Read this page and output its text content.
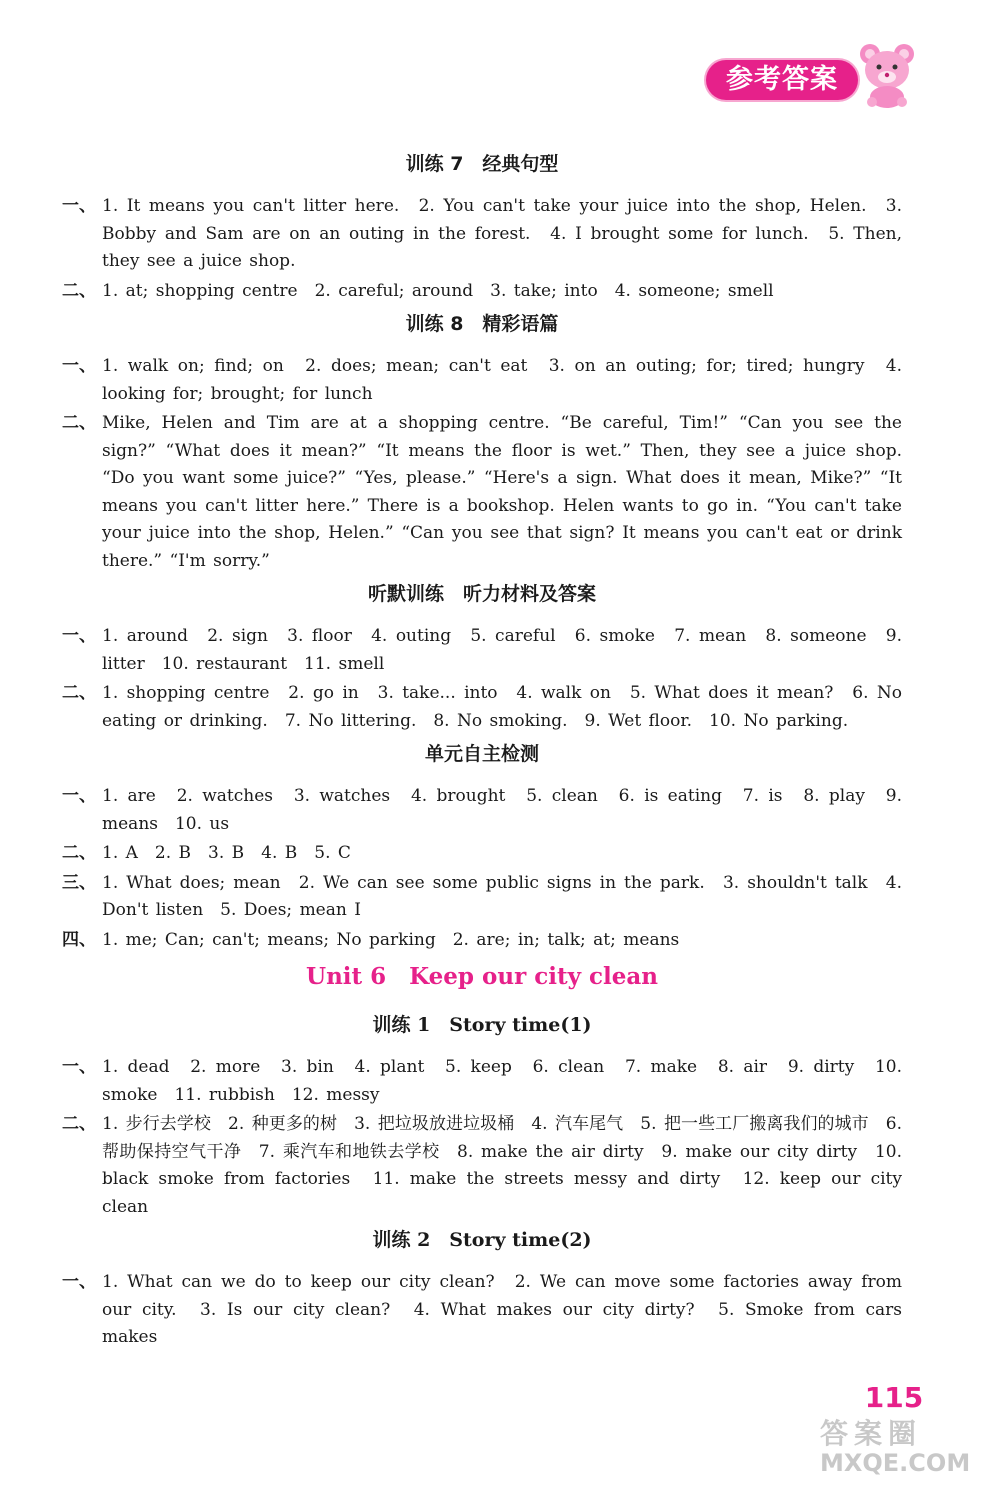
参考答案
训练 7　经典句型
一、 1. It means you can't litter here.　2. You can't take your juice into the shop, Helen.　3. Bobby and Sam are on an outing in the forest.　4. I brought some for lunch.　5. Then, they see a juice shop.
二、 1. at; shopping centre　2. careful; around　3. take; into　4. someone; smell
训练 8　精彩语篇
一、 1. walk on; find; on　2. does; mean; can't eat　3. on an outing; for; tired; hungry　4. looking for; brought; for lunch
二、 Mike, Helen and Tim are at a shopping centre. “Be careful, Tim!” “Can you see the sign?” “What does it mean?” “It means the floor is wet.” Then, they see a juice shop. “Do you want some juice?” “Yes, please.” “Here's a sign. What does it mean, Mike?” “It means you can't litter here.” There is a bookshop. Helen wants to go in. “You can't take your juice into the shop, Helen.” “Can you see that sign? It means you can't eat or drink there.” “I'm sorry.”
听默训练　听力材料及答案
一、 1. around　2. sign　3. floor　4. outing　5. careful　6. smoke　7. mean　8. someone　9. litter　10. restaurant　11. smell
二、 1. shopping centre　2. go in　3. take... into　4. walk on　5. What does it mean?　6. No eating or drinking.　7. No littering.　8. No smoking.　9. Wet floor.　10. No parking.
单元自主检测
一、 1. are　2. watches　3. watches　4. brought　5. clean　6. is eating　7. is　8. play　9. means　10. us
二、 1. A　2. B　3. B　4. B　5. C
三、 1. What does; mean　2. We can see some public signs in the park.　3. shouldn't talk　4. Don't listen　5. Does; mean I
四、 1. me; Can; can't; means; No parking　2. are; in; talk; at; means
Unit 6　Keep our city clean
训练 1　Story time(1)
一、 1. dead　2. more　3. bin　4. plant　5. keep　6. clean　7. make　8. air　9. dirty　10. smoke　11. rubbish　12. messy
二、 1. 步行去学校　2. 种更多的树　3. 把垃圾放进垃圾桶　4. 汽车尾气　5. 把一些工厂搬离我们的城市　6. 帮助保持空气干净　7. 乘汽车和地铁去学校　8. make the air dirty　9. make our city dirty　10. black smoke from factories　11. make the streets messy and dirty　12. keep our city clean
训练 2　Story time(2)
一、 1. What can we do to keep our city clean?　2. We can move some factories away from our city.　3. Is our city clean?　4. What makes our city dirty?　5. Smoke from cars makes
115
答案圈
MXQE.COM
